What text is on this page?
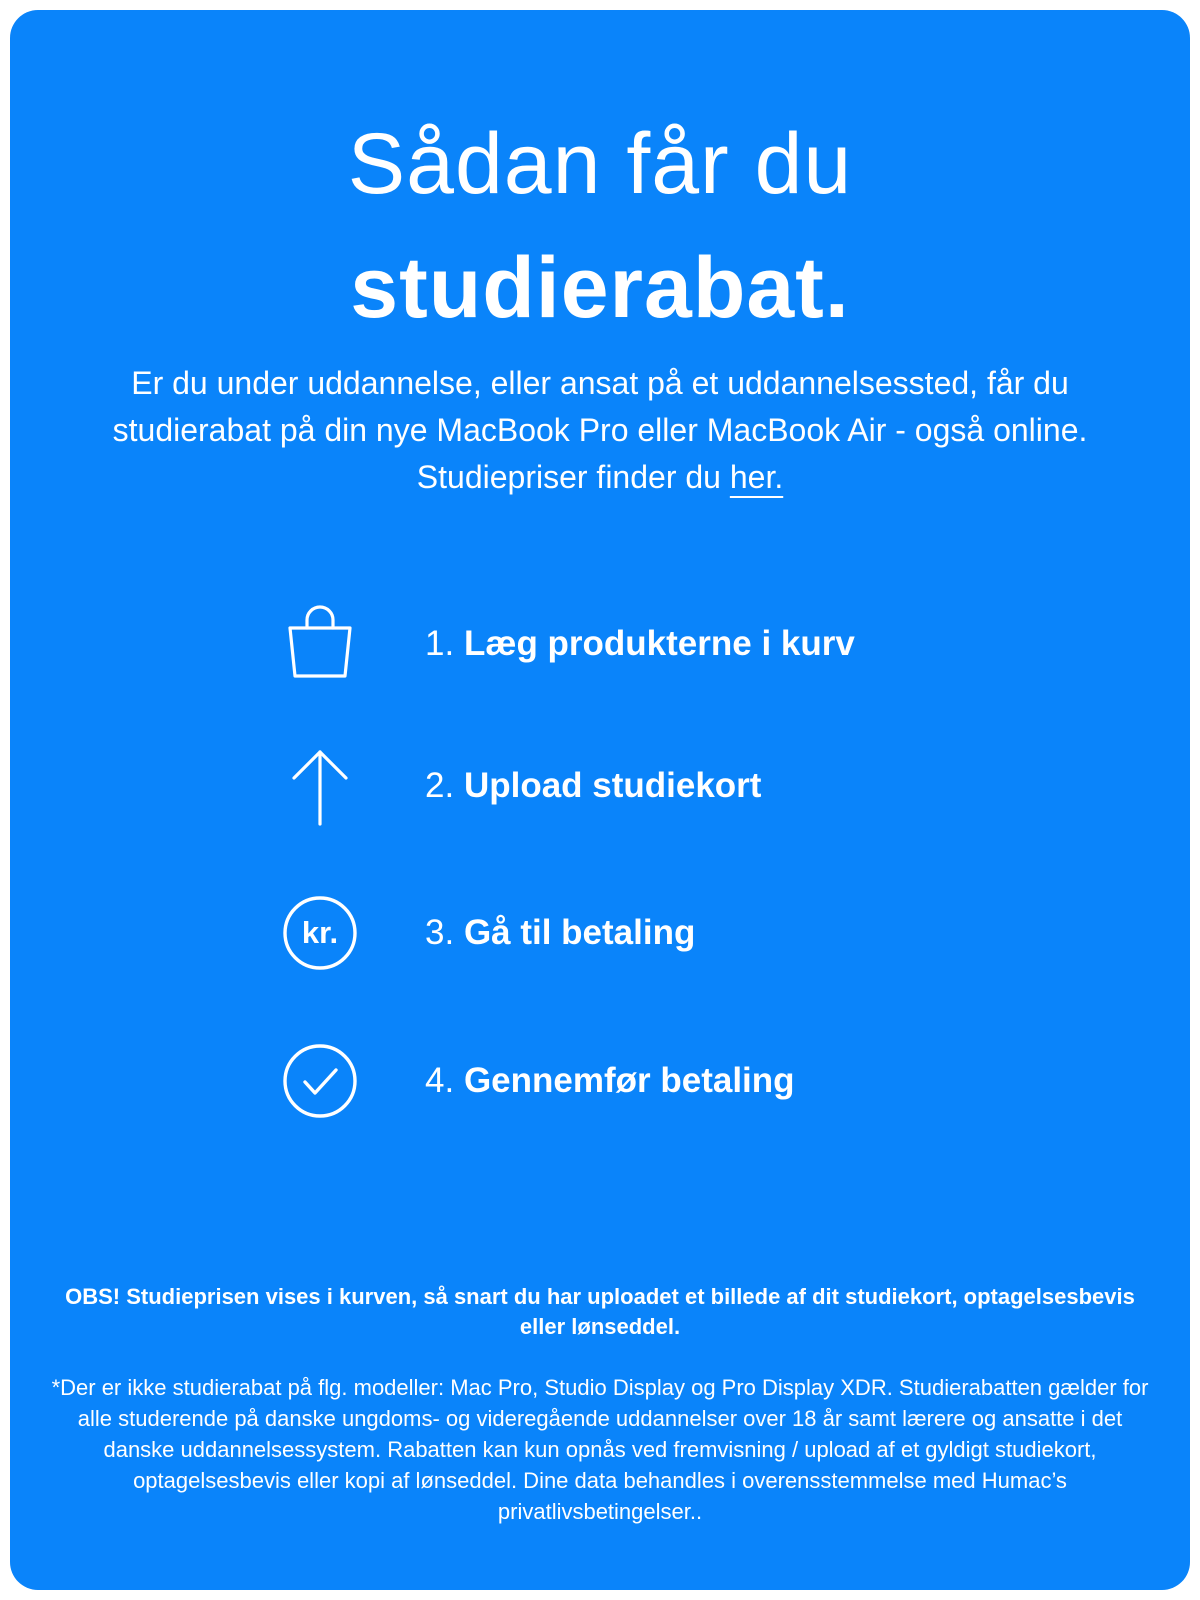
Sådan får du
studierabat.

Er du under uddannelse, eller ansat på et uddannelsessted, får du studierabat på din nye MacBook Pro eller MacBook Air - også online. Studiepriser finder du her.

1. Læg produkterne i kurv
2. Upload studiekort
kr. 3. Gå til betaling
4. Gennemfør betaling

OBS! Studieprisen vises i kurven, så snart du har uploadet et billede af dit studiekort, optagelsesbevis eller lønseddel.

*Der er ikke studierabat på flg. modeller: Mac Pro, Studio Display og Pro Display XDR. Studierabatten gælder for alle studerende på danske ungdoms- og videregående uddannelser over 18 år samt lærere og ansatte i det danske uddannelsessystem. Rabatten kan kun opnås ved fremvisning / upload af et gyldigt studiekort, optagelsesbevis eller kopi af lønseddel. Dine data behandles i overensstemmelse med Humac’s privatlivsbetingelser..
